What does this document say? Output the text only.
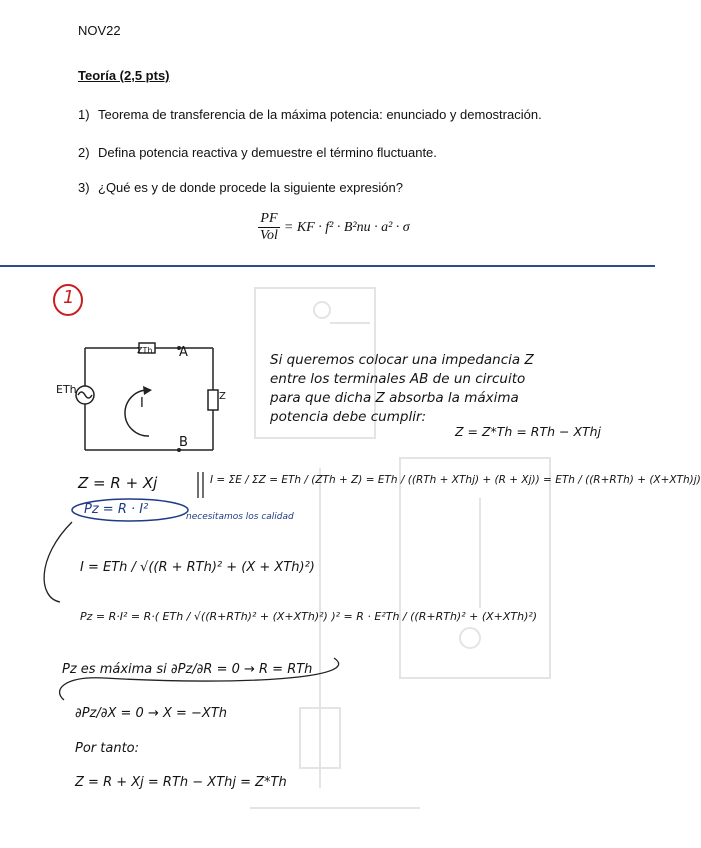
NOV22
Teoría (2,5 pts)
1) Teorema de transferencia de la máxima potencia: enunciado y demostración.
2) Defina potencia reactiva y demuestre el término fluctuante.
3) ¿Qué es y de donde procede la siguiente expresión?
$\frac{PF}{\text{Vol}}$ = KF · f² · B²nu · a² · σ
1
ETh
ZTh A
B
I	Z
Si queremos colocar una impedancia Z
entre los terminales AB de un circuito
para que dicha Z absorba la máxima
potencia debe cumplir:
Z = Z*Th = RTh − XThj
Z = R + Xj	I = ΣE / ΣZ = ETh / (ZTh + Z) = ETh / ((RTh + XThj) + (R + Xj)) = ETh / ((R+RTh) + (X+XTh)j)
Pz = R · I²	necesitamos los calidad
I = ETh / √((R + RTh)² + (X + XTh)²)
Pz = R·I² = R·( ETh / √((R+RTh)² + (X+XTh)²) )² = R · E²Th / ((R+RTh)² + (X+XTh)²)
Pz es máxima si ∂Pz/∂R = 0 → R = RTh
∂Pz/∂X = 0 → X = −XTh
Por tanto:
Z = R + Xj = RTh − XThj = Z*Th
